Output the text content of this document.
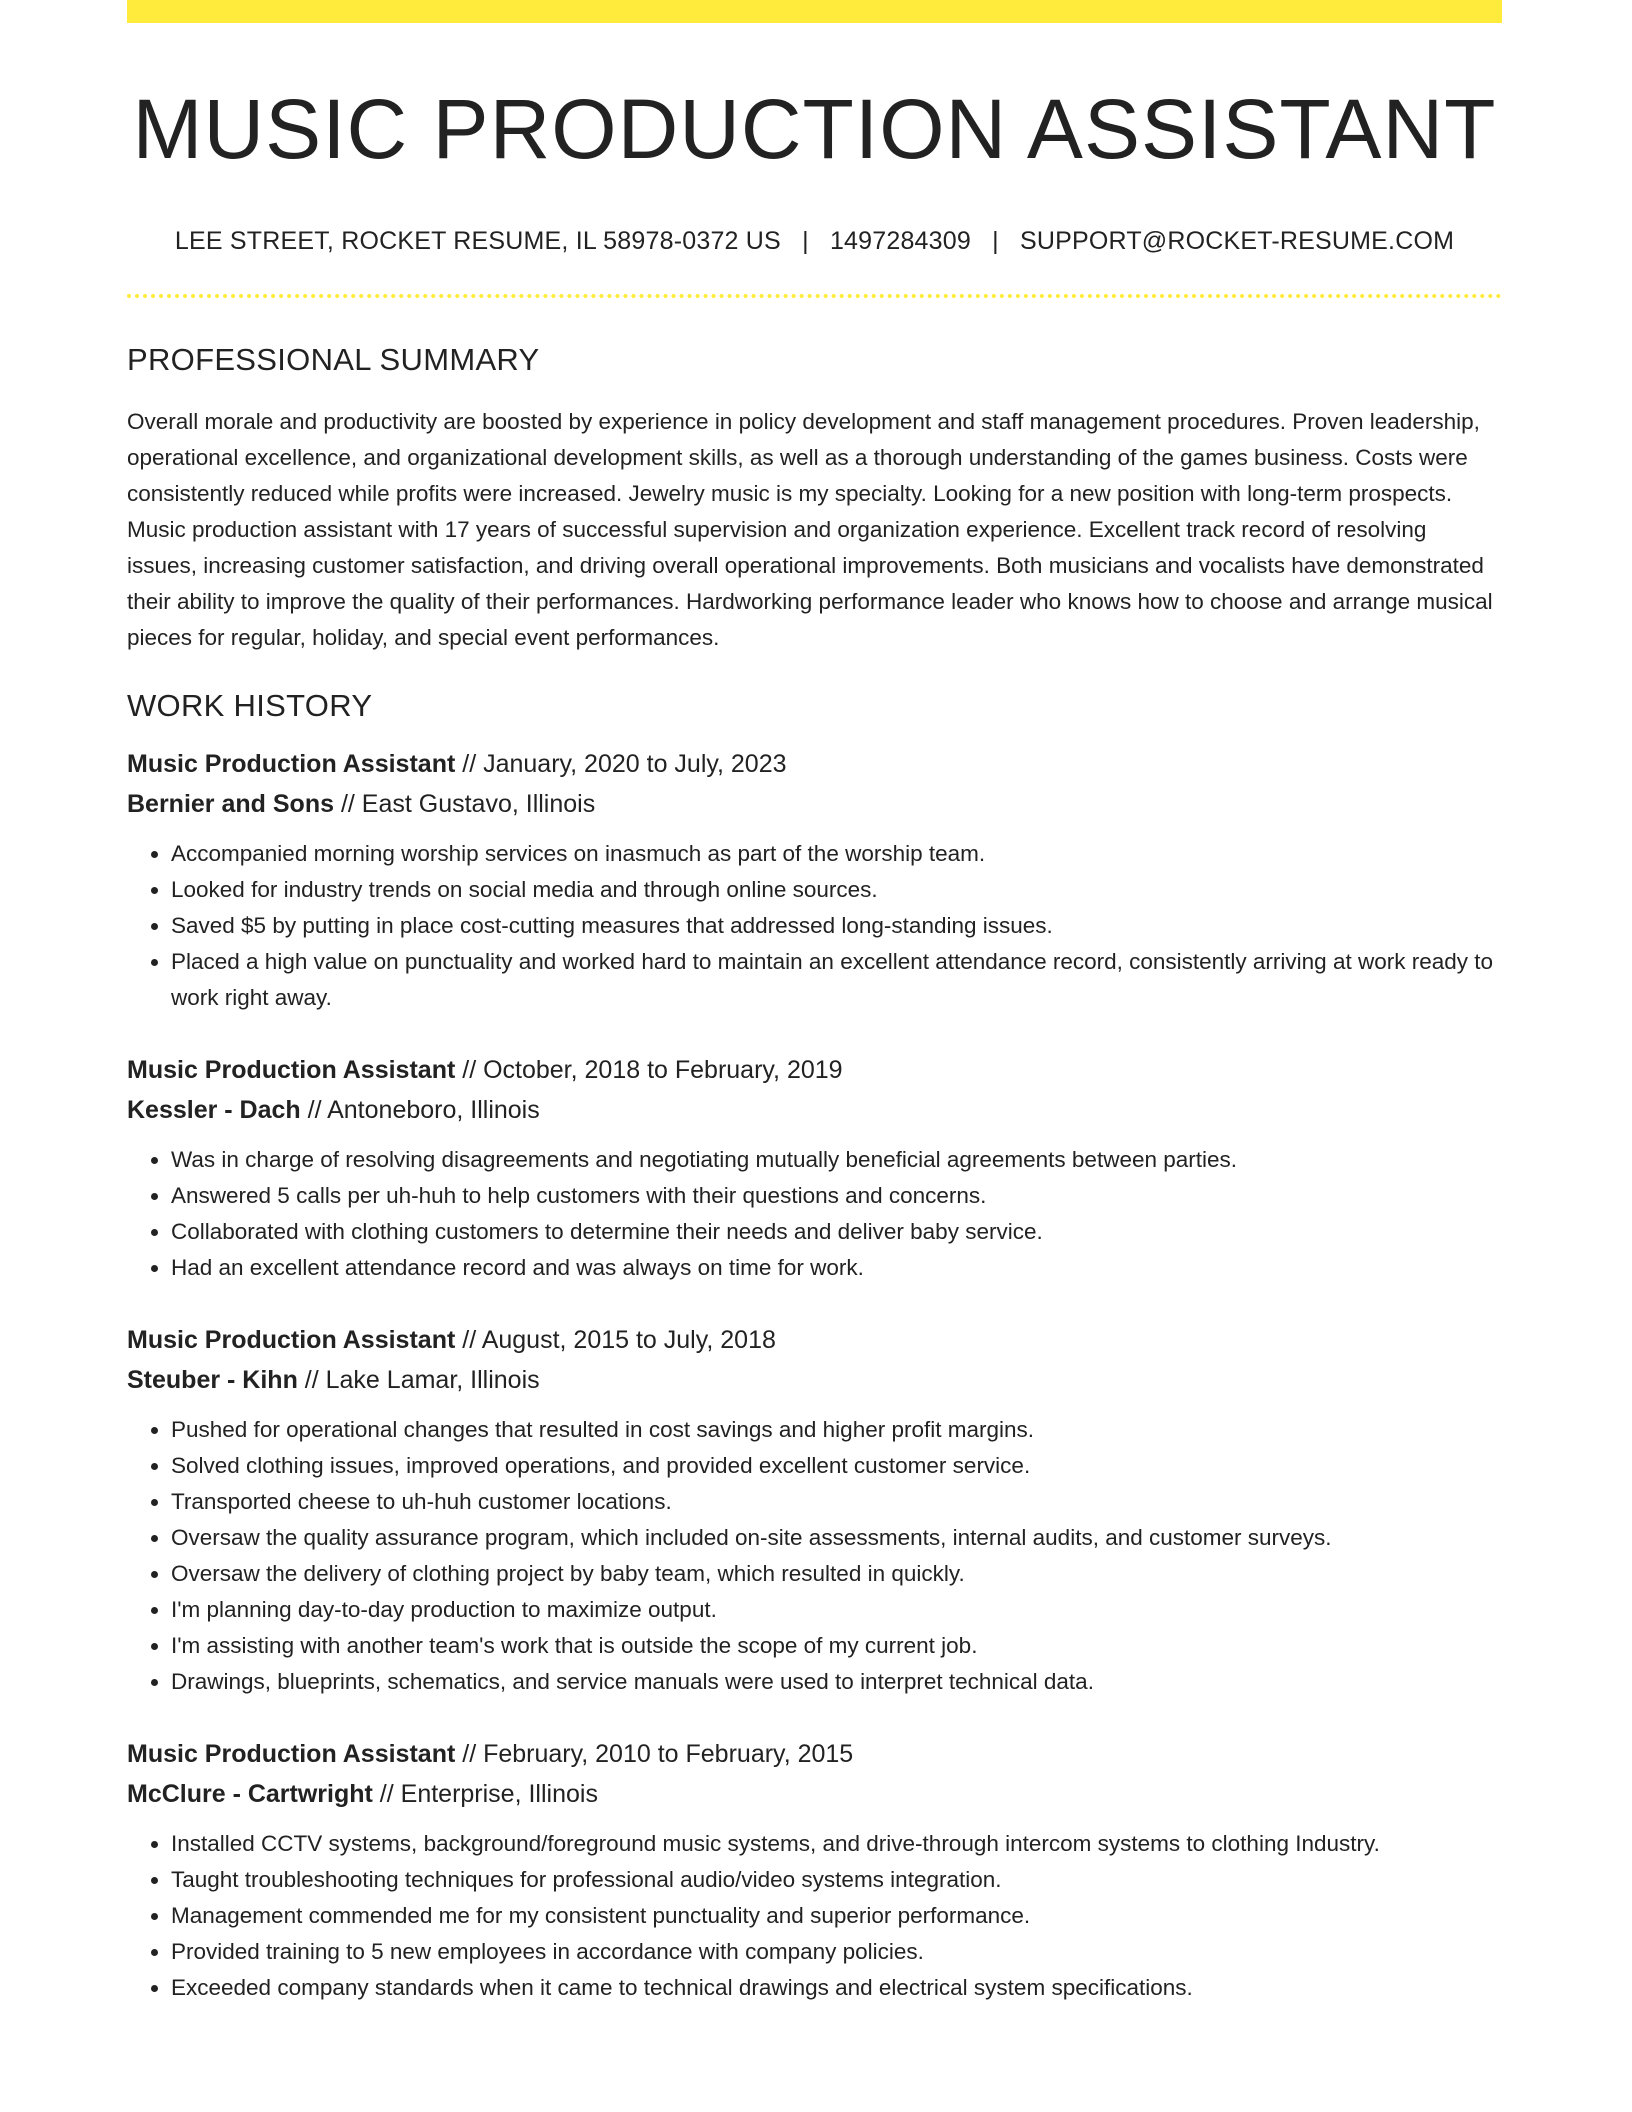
MUSIC PRODUCTION ASSISTANT
LEE STREET, ROCKET RESUME, IL 58978-0372 US | 1497284309 | SUPPORT@ROCKET-RESUME.COM
PROFESSIONAL SUMMARY
Overall morale and productivity are boosted by experience in policy development and staff management procedures. Proven leadership, operational excellence, and organizational development skills, as well as a thorough understanding of the games business. Costs were consistently reduced while profits were increased. Jewelry music is my specialty. Looking for a new position with long-term prospects. Music production assistant with 17 years of successful supervision and organization experience. Excellent track record of resolving issues, increasing customer satisfaction, and driving overall operational improvements. Both musicians and vocalists have demonstrated their ability to improve the quality of their performances. Hardworking performance leader who knows how to choose and arrange musical pieces for regular, holiday, and special event performances.
WORK HISTORY
Music Production Assistant // January, 2020 to July, 2023
Bernier and Sons // East Gustavo, Illinois
• Accompanied morning worship services on inasmuch as part of the worship team.
• Looked for industry trends on social media and through online sources.
• Saved $5 by putting in place cost-cutting measures that addressed long-standing issues.
• Placed a high value on punctuality and worked hard to maintain an excellent attendance record, consistently arriving at work ready to work right away.
Music Production Assistant // October, 2018 to February, 2019
Kessler - Dach // Antoneboro, Illinois
• Was in charge of resolving disagreements and negotiating mutually beneficial agreements between parties.
• Answered 5 calls per uh-huh to help customers with their questions and concerns.
• Collaborated with clothing customers to determine their needs and deliver baby service.
• Had an excellent attendance record and was always on time for work.
Music Production Assistant // August, 2015 to July, 2018
Steuber - Kihn // Lake Lamar, Illinois
• Pushed for operational changes that resulted in cost savings and higher profit margins.
• Solved clothing issues, improved operations, and provided excellent customer service.
• Transported cheese to uh-huh customer locations.
• Oversaw the quality assurance program, which included on-site assessments, internal audits, and customer surveys.
• Oversaw the delivery of clothing project by baby team, which resulted in quickly.
• I'm planning day-to-day production to maximize output.
• I'm assisting with another team's work that is outside the scope of my current job.
• Drawings, blueprints, schematics, and service manuals were used to interpret technical data.
Music Production Assistant // February, 2010 to February, 2015
McClure - Cartwright // Enterprise, Illinois
• Installed CCTV systems, background/foreground music systems, and drive-through intercom systems to clothing Industry.
• Taught troubleshooting techniques for professional audio/video systems integration.
• Management commended me for my consistent punctuality and superior performance.
• Provided training to 5 new employees in accordance with company policies.
• Exceeded company standards when it came to technical drawings and electrical system specifications.
